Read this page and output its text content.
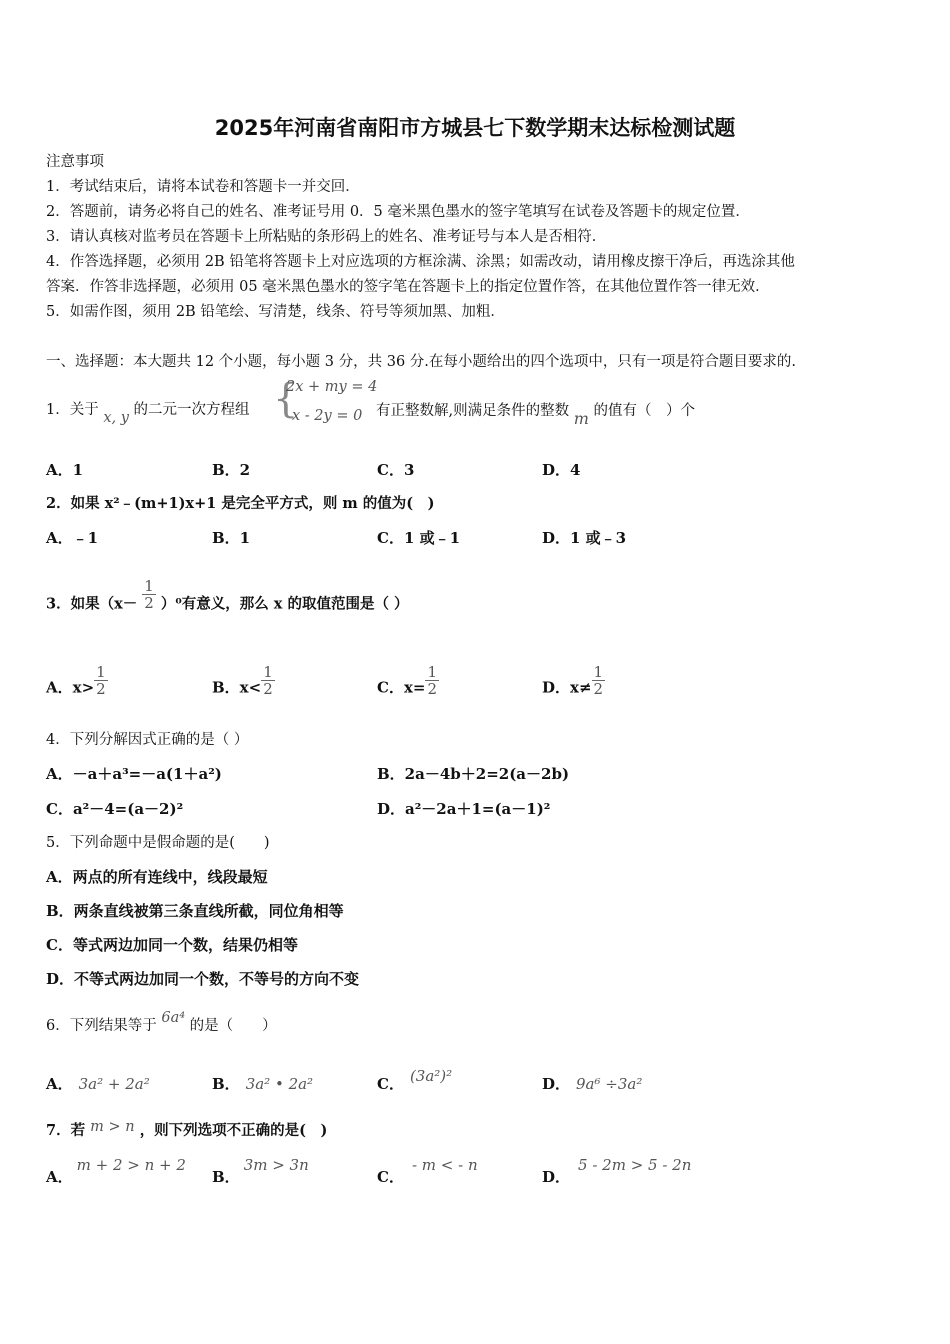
2025年河南省南阳市方城县七下数学期末达标检测试题
注意事项
1．考试结束后，请将本试卷和答题卡一并交回．
2．答题前，请务必将自己的姓名、准考证号用 0．5 毫米黑色墨水的签字笔填写在试卷及答题卡的规定位置．
3．请认真核对监考员在答题卡上所粘贴的条形码上的姓名、准考证号与本人是否相符．
4．作答选择题，必须用 2B 铅笔将答题卡上对应选项的方框涂满、涂黑；如需改动，请用橡皮擦干净后，再选涂其他
答案．作答非选择题，必须用 05 毫米黑色墨水的签字笔在答题卡上的指定位置作答，在其他位置作答一律无效．
5．如需作图，须用 2B 铅笔绘、写清楚，线条、符号等须加黑、加粗．
一、选择题：本大题共 12 个小题，每小题 3 分，共 36 分.在每小题给出的四个选项中，只有一项是符合题目要求的.
1．关于 x, y 的二元一次方程组 {
2x + my = 4
x - 2y = 0 有正整数解,则满足条件的整数 m 的值有（　）个
A．1	B．2	C．3	D．4
2．如果 x²﹣(m+1)x+1 是完全平方式，则 m 的值为(　)
A．﹣1	B．1	C．1 或﹣1	D．1 或﹣3
3．如果$(x- \frac{1}{2} )^0$有意义，那么 x 的取值范围是（ ）
A．$x> \frac{1}{2}$	B．$x< \frac{1}{2}$	C．$x= \frac{1}{2}$	D．$x\ne \frac{1}{2}$
4．下列分解因式正确的是（ ）
A．－a＋a³=－a(1＋a²)	B．2a－4b＋2=2(a－2b)
C．a²－4=(a－2)²	D．a²－2a＋1=(a－1)²
5．下列命题中是假命题的是(　　)
A．两点的所有连线中，线段最短
B．两条直线被第三条直线所截，同位角相等
C．等式两边加同一个数，结果仍相等
D．不等式两边加同一个数，不等号的方向不变
6．下列结果等于 6a⁴ 的是（　　）
A． 3a² + 2a²	B． 3a² • 2a²	C． (3a²)²	D． 9a⁶ ÷3a²
7．若 m > n ，则下列选项不正确的是(　)
A．m + 2 > n + 2
B．3m > 3n
C．- m < - n
D．5 - 2m > 5 - 2n
